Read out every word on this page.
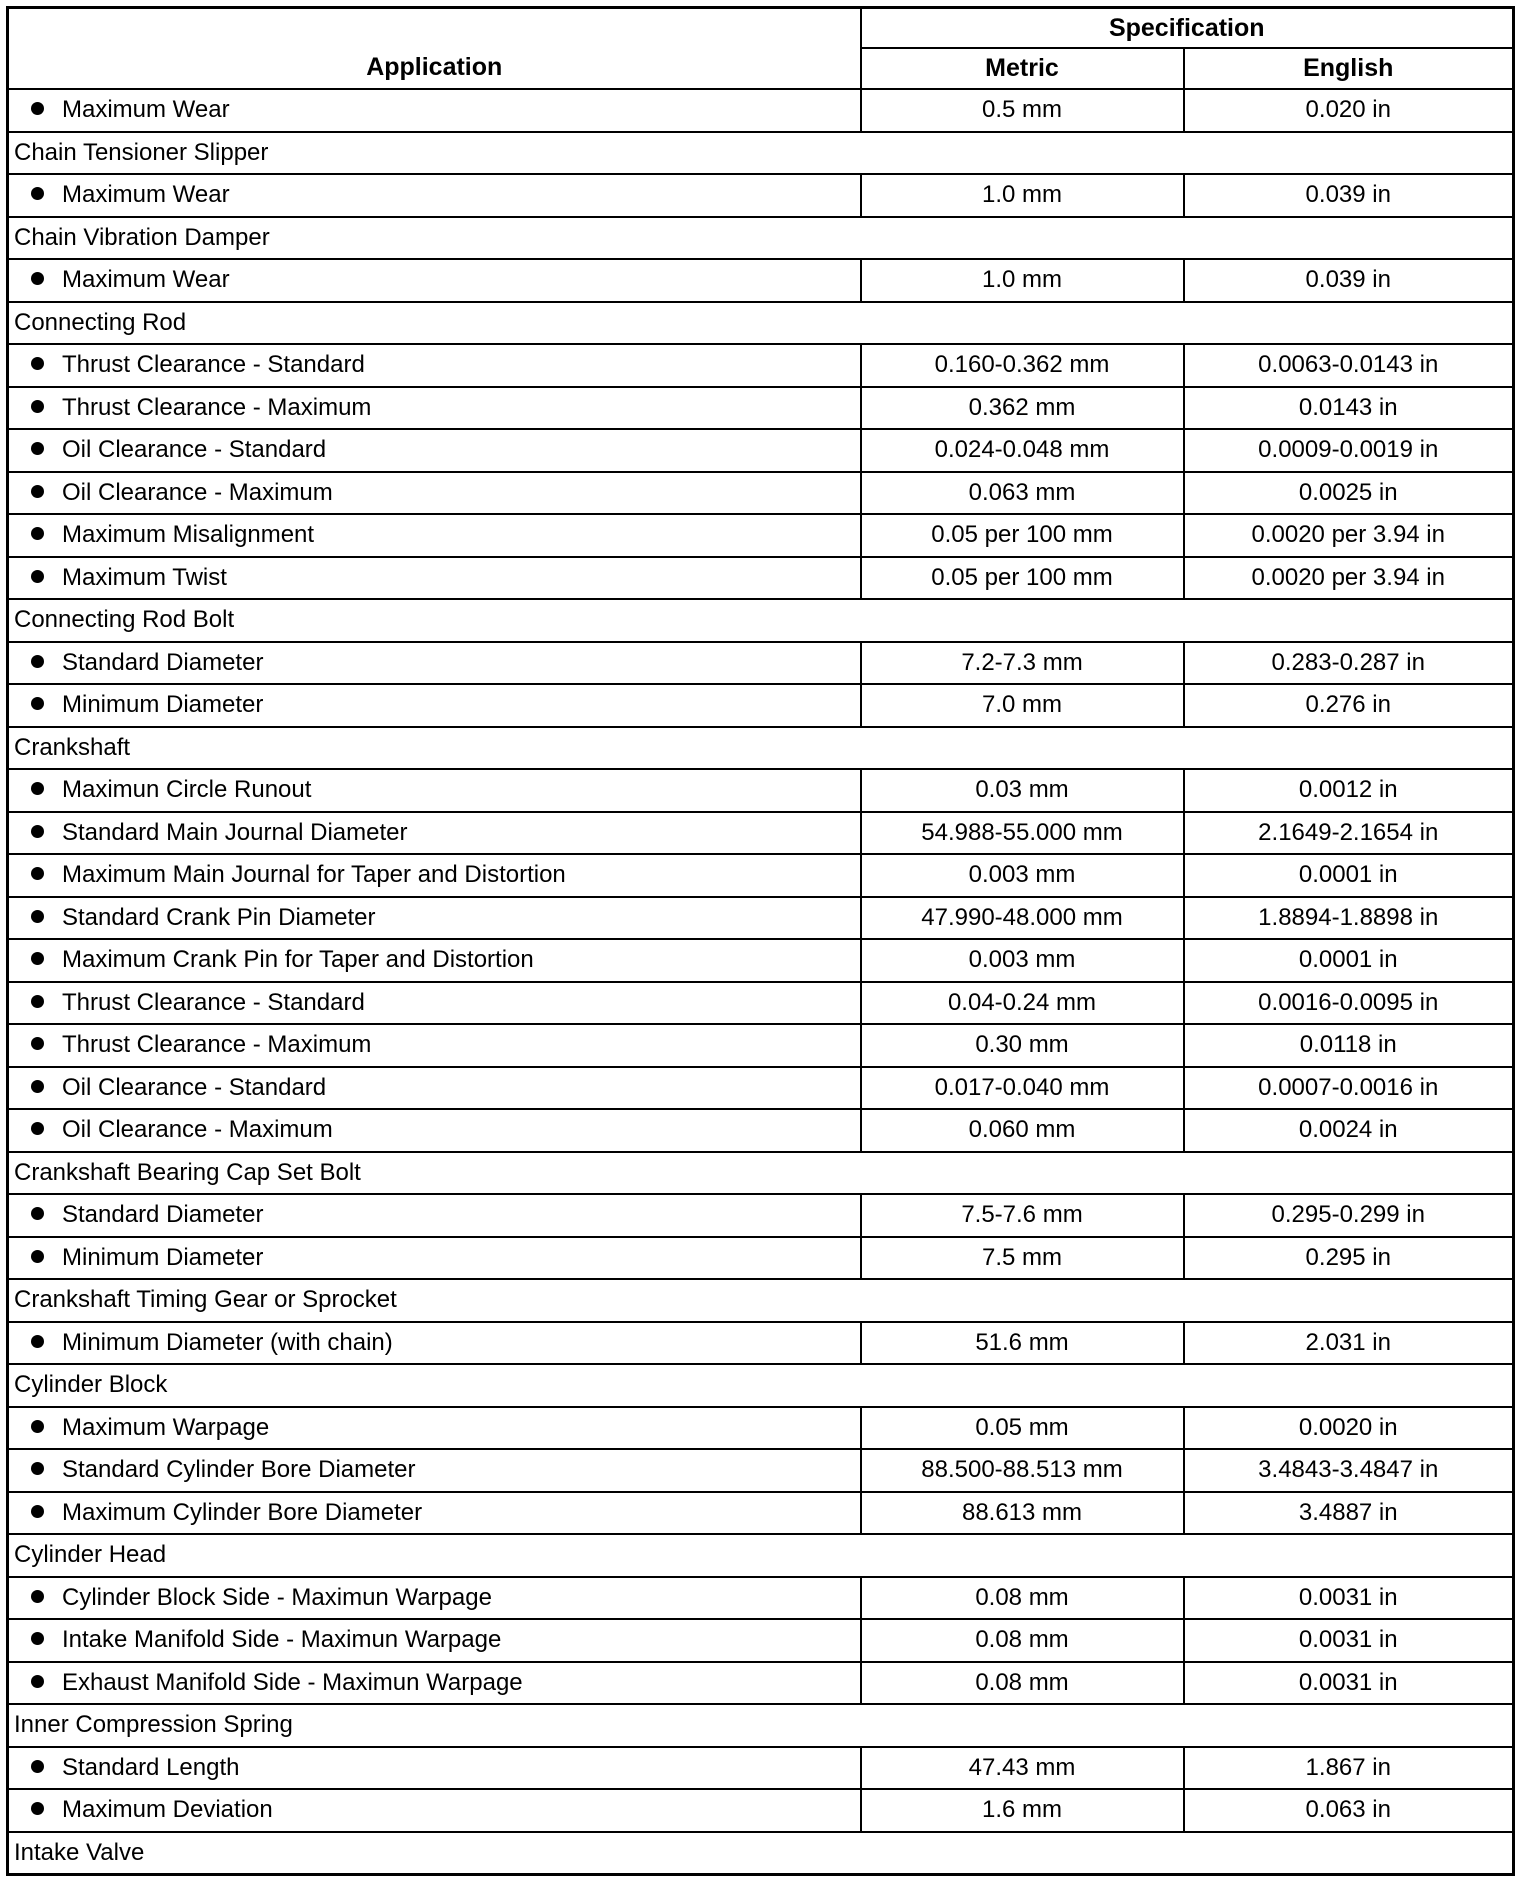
Application	Specification	
	Metric	English
Maximum Wear	0.5 mm	0.020 in
Chain Tensioner Slipper		
Maximum Wear	1.0 mm	0.039 in
Chain Vibration Damper		
Maximum Wear	1.0 mm	0.039 in
Connecting Rod		
Thrust Clearance - Standard	0.160-0.362 mm	0.0063-0.0143 in
Thrust Clearance - Maximum	0.362 mm	0.0143 in
Oil Clearance - Standard	0.024-0.048 mm	0.0009-0.0019 in
Oil Clearance - Maximum	0.063 mm	0.0025 in
Maximum Misalignment	0.05 per 100 mm	0.0020 per 3.94 in
Maximum Twist	0.05 per 100 mm	0.0020 per 3.94 in
Connecting Rod Bolt		
Standard Diameter	7.2-7.3 mm	0.283-0.287 in
Minimum Diameter	7.0 mm	0.276 in
Crankshaft		
Maximun Circle Runout	0.03 mm	0.0012 in
Standard Main Journal Diameter	54.988-55.000 mm	2.1649-2.1654 in
Maximum Main Journal for Taper and Distortion	0.003 mm	0.0001 in
Standard Crank Pin Diameter	47.990-48.000 mm	1.8894-1.8898 in
Maximum Crank Pin for Taper and Distortion	0.003 mm	0.0001 in
Thrust Clearance - Standard	0.04-0.24 mm	0.0016-0.0095 in
Thrust Clearance - Maximum	0.30 mm	0.0118 in
Oil Clearance - Standard	0.017-0.040 mm	0.0007-0.0016 in
Oil Clearance - Maximum	0.060 mm	0.0024 in
Crankshaft Bearing Cap Set Bolt		
Standard Diameter	7.5-7.6 mm	0.295-0.299 in
Minimum Diameter	7.5 mm	0.295 in
Crankshaft Timing Gear or Sprocket		
Minimum Diameter (with chain)	51.6 mm	2.031 in
Cylinder Block		
Maximum Warpage	0.05 mm	0.0020 in
Standard Cylinder Bore Diameter	88.500-88.513 mm	3.4843-3.4847 in
Maximum Cylinder Bore Diameter	88.613 mm	3.4887 in
Cylinder Head		
Cylinder Block Side - Maximun Warpage	0.08 mm	0.0031 in
Intake Manifold Side - Maximun Warpage	0.08 mm	0.0031 in
Exhaust Manifold Side - Maximun Warpage	0.08 mm	0.0031 in
Inner Compression Spring		
Standard Length	47.43 mm	1.867 in
Maximum Deviation	1.6 mm	0.063 in
Intake Valve		
